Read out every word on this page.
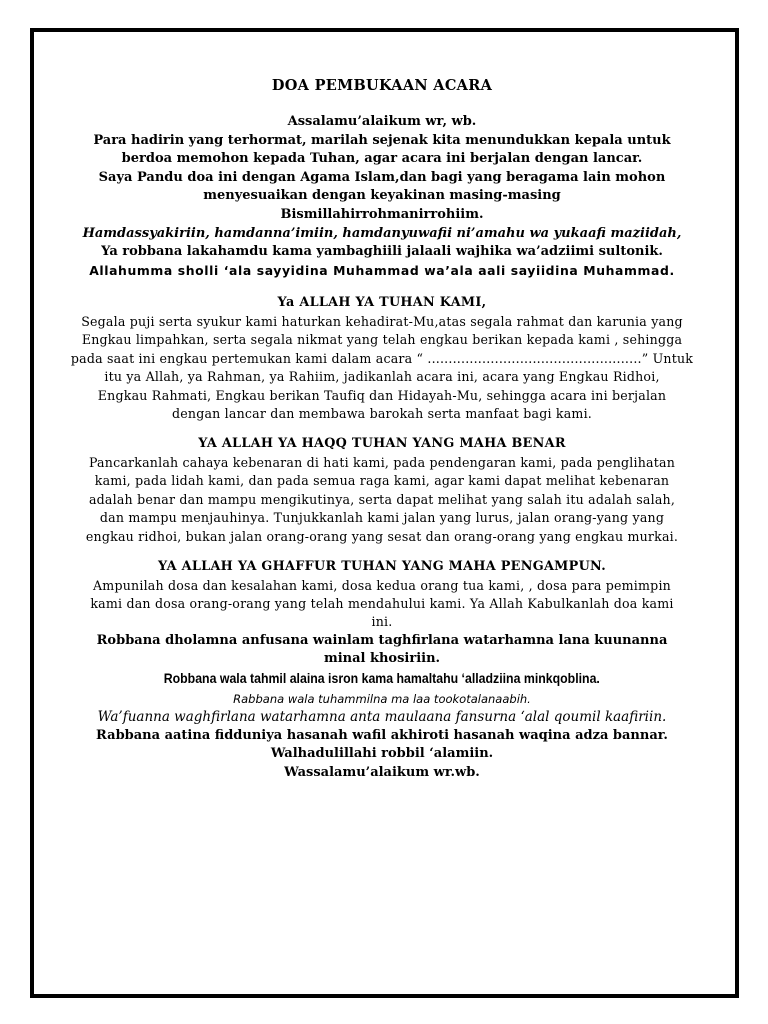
DOA PEMBUKAAN ACARA

Assalamu’alaikum wr, wb.

Para hadirin yang terhormat, marilah sejenak kita menundukkan kepala untuk

berdoa memohon kepada Tuhan, agar acara ini berjalan dengan lancar.

Saya Pandu doa ini dengan Agama Islam,dan bagi yang beragama lain mohon

menyesuaikan dengan keyakinan masing-masing

Bismillahirrohmanirrohiim.

Hamdassyakiriin, hamdanna’imiin, hamdanyuwafii ni’amahu wa yukaafi maziidah,

Ya robbana lakahamdu kama yambaghiili jalaali wajhika wa’adziimi sultonik.

Allahumma sholli ‘ala sayyidina Muhammad wa’ala aali sayiidina Muhammad.

Ya ALLAH YA TUHAN KAMI,

Segala puji serta syukur kami haturkan kehadirat-Mu,atas segala rahmat dan karunia yang

Engkau limpahkan, serta segala nikmat yang telah engkau berikan kepada kami , sehingga

pada saat ini engkau pertemukan kami dalam acara “ ...................................................” Untuk

itu ya Allah, ya Rahman, ya Rahiim, jadikanlah acara ini, acara yang Engkau Ridhoi,

Engkau Rahmati, Engkau berikan Taufiq dan Hidayah-Mu, sehingga acara ini berjalan

dengan lancar dan membawa barokah serta manfaat bagi kami.

YA ALLAH YA HAQQ TUHAN YANG MAHA BENAR

Pancarkanlah cahaya kebenaran di hati kami, pada pendengaran kami, pada penglihatan

kami, pada lidah kami, dan pada semua raga kami, agar kami dapat melihat kebenaran

adalah benar dan mampu mengikutinya, serta dapat melihat yang salah itu adalah salah,

dan mampu menjauhinya. Tunjukkanlah kami jalan yang lurus, jalan orang-yang yang

engkau ridhoi, bukan jalan orang-orang yang sesat dan orang-orang yang engkau murkai.

YA ALLAH YA GHAFFUR TUHAN YANG MAHA PENGAMPUN.

Ampunilah dosa dan kesalahan kami, dosa kedua orang tua kami, , dosa para pemimpin

kami dan dosa orang-orang yang telah mendahului kami. Ya Allah Kabulkanlah doa kami

ini.

Robbana dholamna anfusana wainlam taghfirlana watarhamna lana kuunanna

minal khosiriin.

Robbana wala tahmil alaina isron kama hamaltahu ‘alladziina minkqoblina.

Rabbana wala tuhammilna ma laa tookotalanaabih.

Wa’fuanna waghfirlana watarhamna anta maulaana fansurna ‘alal qoumil kaafiriin.

Rabbana aatina fidduniya hasanah wafil akhiroti hasanah waqina adza bannar.

Walhadulillahi robbil ‘alamiin.

Wassalamu’alaikum wr.wb.
